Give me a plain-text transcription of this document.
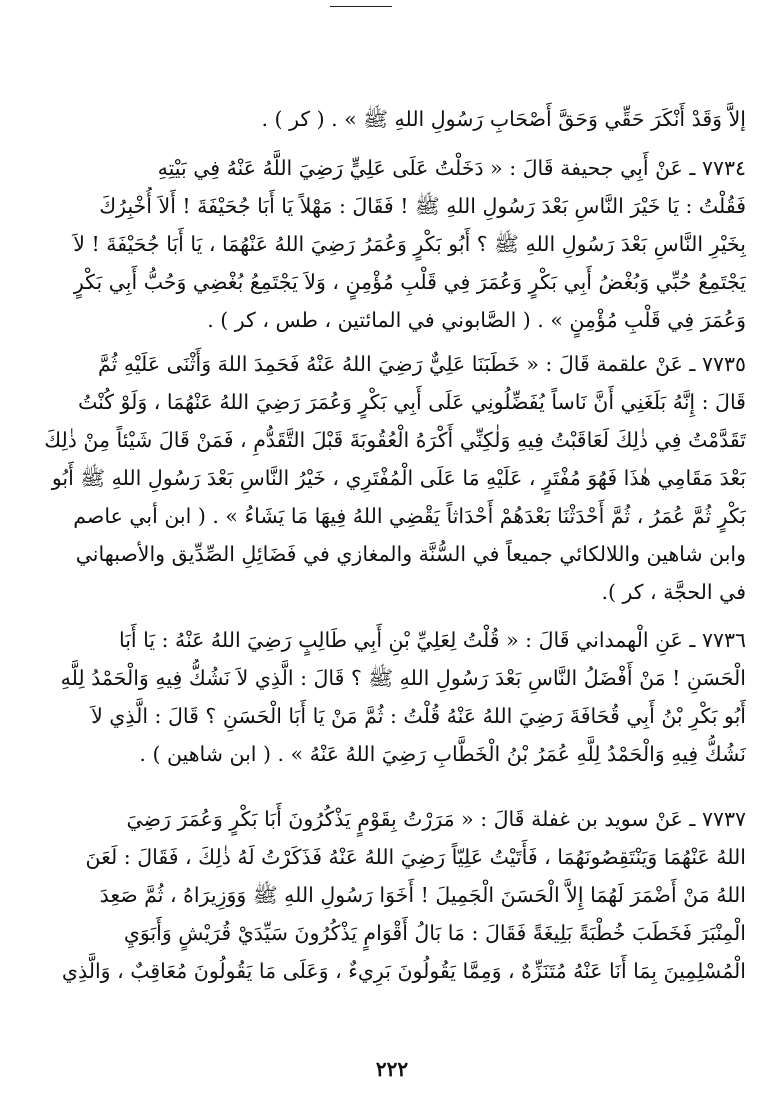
إلاَّ وَقَدْ أَنْكَرَ حَقِّي وَحَقَّ أَصْحَابِ رَسُولِ اللهِ ﷺ » . ( كر ) .
٧٧٣٤ ـ عَنْ أَبِي جحيفة قَالَ : « دَخَلْتُ عَلَى عَلِيٍّ رَضِيَ اللَّهُ عَنْهُ فِي بَيْتِهِ
فَقُلْتُ : يَا خَيْرَ النَّاسِ بَعْدَ رَسُولِ اللهِ ﷺ ! فَقَالَ : مَهْلاً يَا أَبَا جُحَيْفَةَ ! أَلاَ أُخْبِرُكَ
بِخَيْرِ النَّاسِ بَعْدَ رَسُولِ اللهِ ﷺ ؟ أَبُو بَكْرٍ وَعُمَرُ رَضِيَ اللهُ عَنْهُمَا ، يَا أَبَا جُحَيْفَةَ ! لاَ
يَجْتَمِعُ حُبِّي وَبُغْضُ أَبِي بَكْرٍ وَعُمَرَ فِي قَلْبِ مُؤْمِنٍ ، وَلاَ يَجْتَمِعُ بُغْضِي وَحُبُّ أَبِي بَكْرٍ
وَعُمَرَ فِي قَلْبِ مُؤْمِنٍ » . ( الصَّابوني في المائتين ، طس ، كر ) .
٧٧٣٥ ـ عَنْ علقمة قَالَ : « خَطَبَنَا عَلِيٌّ رَضِيَ اللهُ عَنْهُ فَحَمِدَ اللهَ وَأَثْنَى عَلَيْهِ ثُمَّ
قَالَ : إِنَّهُ بَلَغَنِي أَنَّ نَاساً يُفَضِّلُونِي عَلَى أَبِي بَكْرٍ وَعُمَرَ رَضِيَ اللهُ عَنْهُمَا ، وَلَوْ كُنْتُ
تَقَدَّمْتُ فِي ذٰلِكَ لَعَاقَبْتُ فِيهِ وَلٰكِنِّي أَكْرَهُ الْعُقُوبَةَ قَبْلَ التَّقَدُّمِ ، فَمَنْ قَالَ شَيْئاً مِنْ ذٰلِكَ
بَعْدَ مَقَامِي هٰذَا فَهُوَ مُفْتَرٍ ، عَلَيْهِ مَا عَلَى الْمُفْتَرِي ، خَيْرُ النَّاسِ بَعْدَ رَسُولِ اللهِ ﷺ أَبُو
بَكْرٍ ثُمَّ عُمَرُ ، ثُمَّ أَحْدَثْنَا بَعْدَهُمْ أَحْدَاثاً يَقْضِي اللهُ فِيهَا مَا يَشَاءُ » . ( ابن أبي عاصم
وابن شاهين واللالكائي جميعاً في السُّنَّة والمغازي في فَضَائِلِ الصِّدِّيق والأصبهاني
في الحجَّة ، كر ).
٧٧٣٦ ـ عَنِ الْهمداني قَالَ : « قُلْتُ لِعَلِيِّ بْنِ أَبِي طَالِبٍ رَضِيَ اللهُ عَنْهُ : يَا أَبَا
الْحَسَنِ ! مَنْ أَفْضَلُ النَّاسِ بَعْدَ رَسُولِ اللهِ ﷺ ؟ قَالَ : الَّذِي لاَ نَشُكُّ فِيهِ وَالْحَمْدُ لِلَّهِ
أَبُو بَكْرِ بْنُ أَبِي قُحَافَةَ رَضِيَ اللهُ عَنْهُ قُلْتُ : ثُمَّ مَنْ يَا أَبَا الْحَسَنِ ؟ قَالَ : الَّذِي لاَ
نَشُكُّ فِيهِ وَالْحَمْدُ لِلَّهِ عُمَرُ بْنُ الْخَطَّابِ رَضِيَ اللهُ عَنْهُ » . ( ابن شاهين ) .
٧٧٣٧ ـ عَنْ سويد بن غفلة قَالَ : « مَرَرْتُ بِقَوْمٍ يَذْكُرُونَ أَبَا بَكْرٍ وَعُمَرَ رَضِيَ
اللهُ عَنْهُمَا وَيَنْتَقِصُونَهُمَا ، فَأَتَيْتُ عَلِيّاً رَضِيَ اللهُ عَنْهُ فَذَكَرْتُ لَهُ ذٰلِكَ ، فَقَالَ : لَعَنَ
اللهُ مَنْ أَضْمَرَ لَهُمَا إِلاَّ الْحَسَنَ الْجَمِيلَ ! أَخَوَا رَسُولِ اللهِ ﷺ وَوَزِيرَاهُ ، ثُمَّ صَعِدَ
الْمِنْبَرَ فَخَطَبَ خُطْبَةً بَلِيغَةً فَقَالَ : مَا بَالُ أَقْوَامٍ يَذْكُرُونَ سَيِّدَيْ قُرَيْشٍ وَأَبَوَيِ
الْمُسْلِمِينَ بِمَا أَنَا عَنْهُ مُتَنَزِّهٌ ، وَمِمَّا يَقُولُونَ بَرِيءٌ ، وَعَلَى مَا يَقُولُونَ مُعَاقِبٌ ، وَالَّذِي
٢٢٢
